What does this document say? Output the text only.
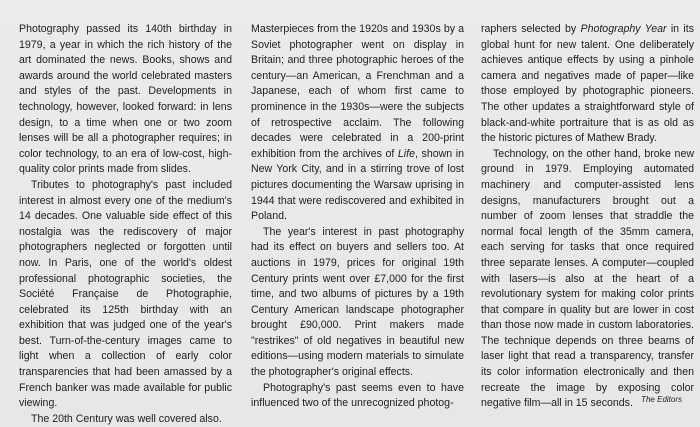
Photography passed its 140th birthday in 1979, a year in which the rich history of the art dominated the news. Books, shows and awards around the world celebrated masters and styles of the past. Developments in technology, however, looked forward: in lens design, to a time when one or two zoom lenses will be all a photographer requires; in color technology, to an era of low-cost, high-quality color prints made from slides.

Tributes to photography's past included interest in almost every one of the medium's 14 decades. One valuable side effect of this nostalgia was the rediscovery of major photographers neglected or forgotten until now. In Paris, one of the world's oldest professional photographic societies, the Société Française de Photographie, celebrated its 125th birthday with an exhibition that was judged one of the year's best. Turn-of-the-century images came to light when a collection of early color transparencies that had been amassed by a French banker was made available for public viewing.

The 20th Century was well covered also.

Masterpieces from the 1920s and 1930s by a Soviet photographer went on display in Britain; and three photographic heroes of the century—an American, a Frenchman and a Japanese, each of whom first came to prominence in the 1930s—were the subjects of retrospective acclaim. The following decades were celebrated in a 200-print exhibition from the archives of Life, shown in New York City, and in a stirring trove of lost pictures documenting the Warsaw uprising in 1944 that were rediscovered and exhibited in Poland.

The year's interest in past photography had its effect on buyers and sellers too. At auctions in 1979, prices for original 19th Century prints went over £7,000 for the first time, and two albums of pictures by a 19th Century American landscape photographer brought £90,000. Print makers made "restrikes" of old negatives in beautiful new editions—using modern materials to simulate the photographer's original effects.

Photography's past seems even to have influenced two of the unrecognized photog-

raphers selected by Photography Year in its global hunt for new talent. One deliberately achieves antique effects by using a pinhole camera and negatives made of paper—like those employed by photographic pioneers. The other updates a straightforward style of black-and-white portraiture that is as old as the historic pictures of Mathew Brady.

Technology, on the other hand, broke new ground in 1979. Employing automated machinery and computer-assisted lens designs, manufacturers brought out a number of zoom lenses that straddle the normal focal length of the 35mm camera, each serving for tasks that once required three separate lenses. A computer—coupled with lasers—is also at the heart of a revolutionary system for making color prints that compare in quality but are lower in cost than those now made in custom laboratories. The technique depends on three beams of laser light that read a transparency, transfer its color information electronically and then recreate the image by exposing color negative film—all in 15 seconds.	The Editors
